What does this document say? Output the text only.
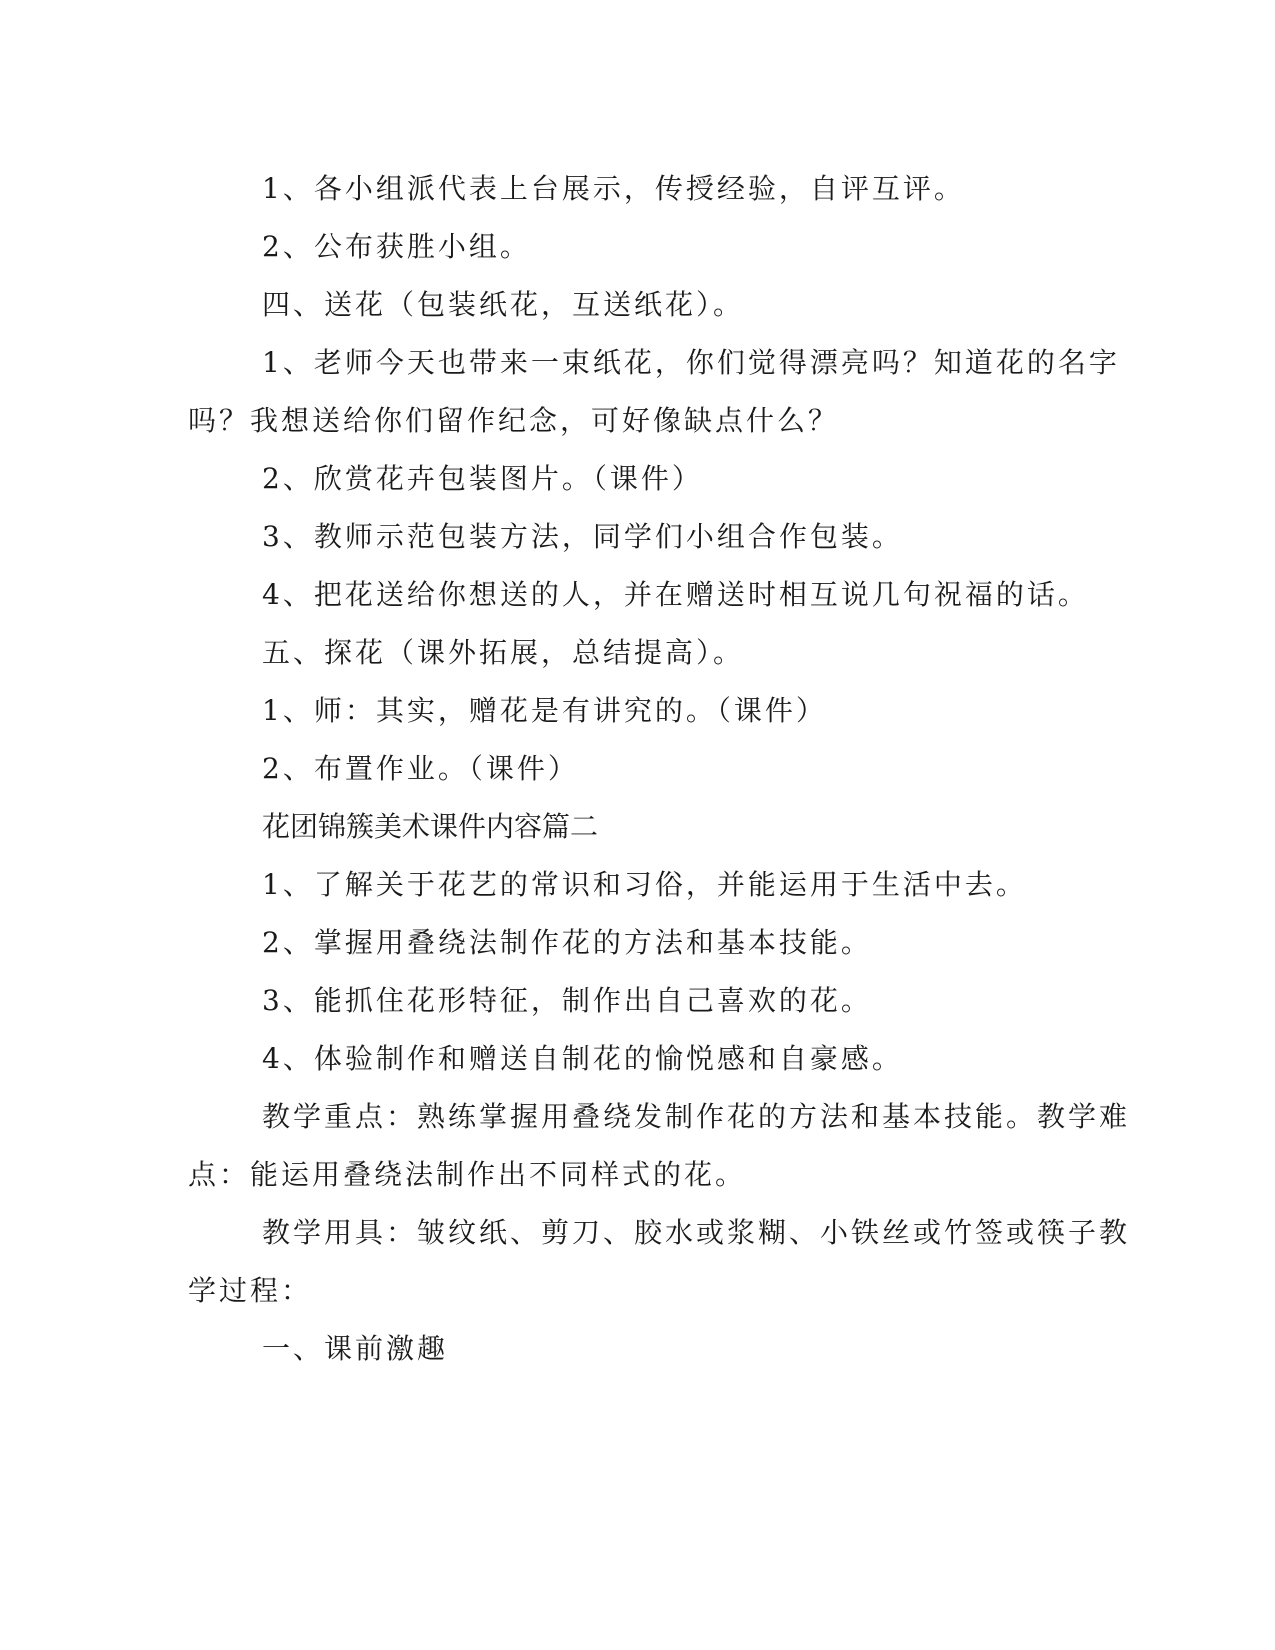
1、各小组派代表上台展示，传授经验，自评互评。
2、公布获胜小组。
四、送花（包装纸花，互送纸花）。
1、老师今天也带来一束纸花，你们觉得漂亮吗？知道花的名字
吗？我想送给你们留作纪念，可好像缺点什么？
2、欣赏花卉包装图片。（课件）
3、教师示范包装方法，同学们小组合作包装。
4、把花送给你想送的人，并在赠送时相互说几句祝福的话。
五、探花（课外拓展，总结提高）。
1、师：其实，赠花是有讲究的。（课件）
2、布置作业。（课件）
花团锦簇美术课件内容篇二
1、了解关于花艺的常识和习俗，并能运用于生活中去。
2、掌握用叠绕法制作花的方法和基本技能。
3、能抓住花形特征，制作出自己喜欢的花。
4、体验制作和赠送自制花的愉悦感和自豪感。
教学重点：熟练掌握用叠绕发制作花的方法和基本技能。教学难
点：能运用叠绕法制作出不同样式的花。
教学用具：皱纹纸、剪刀、胶水或浆糊、小铁丝或竹签或筷子教
学过程：
一、课前激趣
